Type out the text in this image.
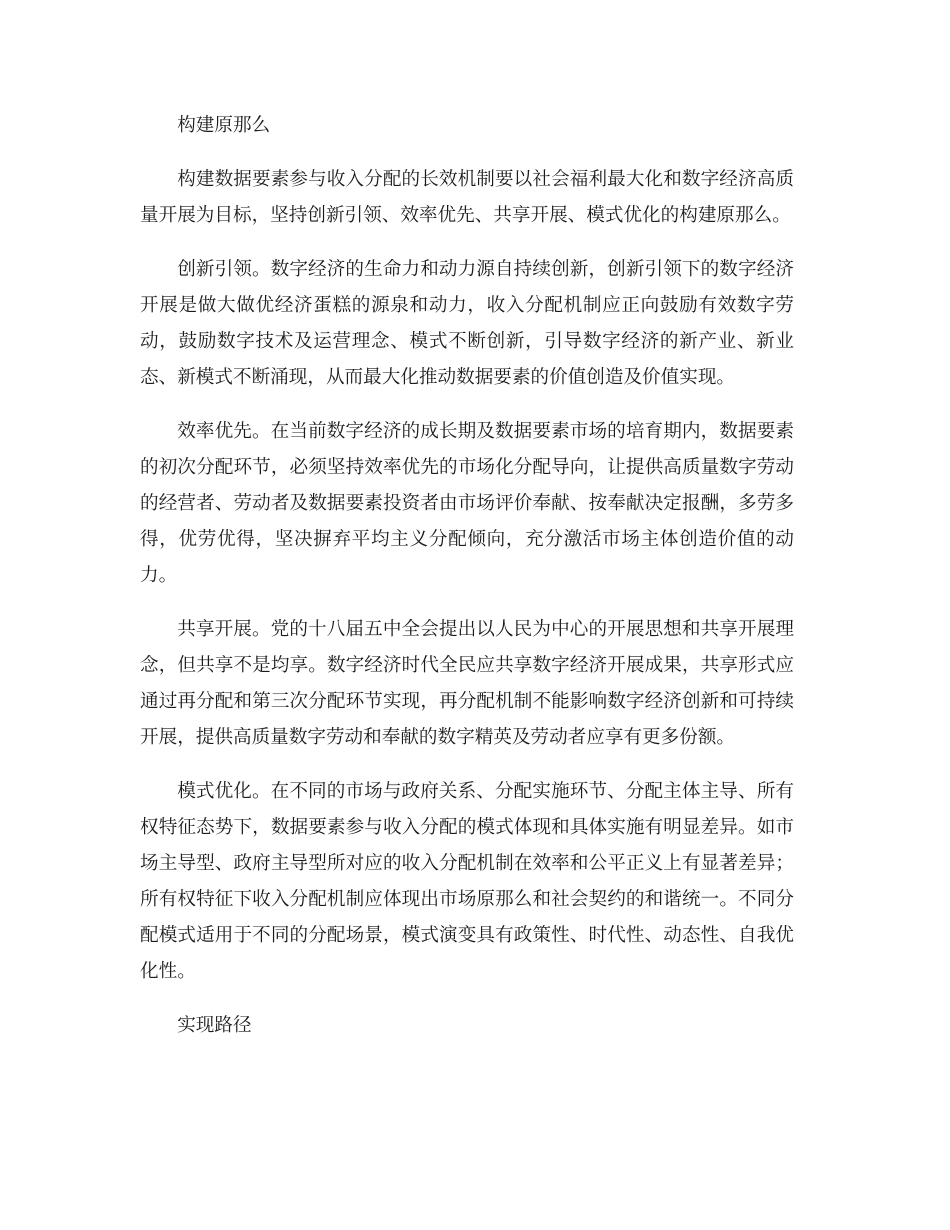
构建原那么

构建数据要素参与收入分配的长效机制要以社会福利最大化和数字经济高质量开展为目标，坚持创新引领、效率优先、共享开展、模式优化的构建原那么。

创新引领。数字经济的生命力和动力源自持续创新，创新引领下的数字经济开展是做大做优经济蛋糕的源泉和动力，收入分配机制应正向鼓励有效数字劳动，鼓励数字技术及运营理念、模式不断创新，引导数字经济的新产业、新业态、新模式不断涌现，从而最大化推动数据要素的价值创造及价值实现。

效率优先。在当前数字经济的成长期及数据要素市场的培育期内，数据要素的初次分配环节，必须坚持效率优先的市场化分配导向，让提供高质量数字劳动的经营者、劳动者及数据要素投资者由市场评价奉献、按奉献决定报酬，多劳多得，优劳优得，坚决摒弃平均主义分配倾向，充分激活市场主体创造价值的动力。

共享开展。党的十八届五中全会提出以人民为中心的开展思想和共享开展理念，但共享不是均享。数字经济时代全民应共享数字经济开展成果，共享形式应通过再分配和第三次分配环节实现，再分配机制不能影响数字经济创新和可持续开展，提供高质量数字劳动和奉献的数字精英及劳动者应享有更多份额。

模式优化。在不同的市场与政府关系、分配实施环节、分配主体主导、所有权特征态势下，数据要素参与收入分配的模式体现和具体实施有明显差异。如市场主导型、政府主导型所对应的收入分配机制在效率和公平正义上有显著差异；所有权特征下收入分配机制应体现出市场原那么和社会契约的和谐统一。不同分配模式适用于不同的分配场景，模式演变具有政策性、时代性、动态性、自我优化性。

实现路径
